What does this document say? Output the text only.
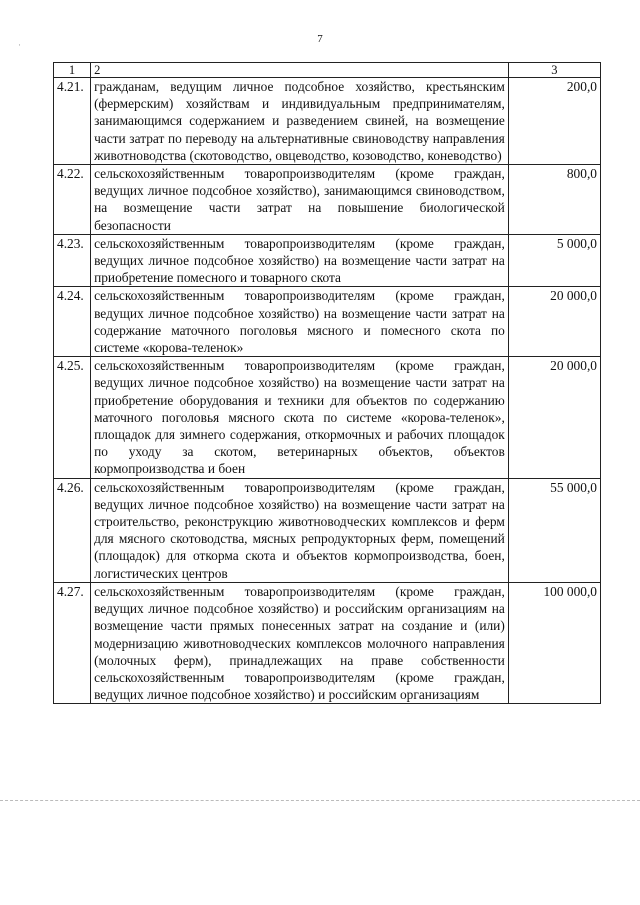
7
·
1	2	3
4.21.	гражданам, ведущим личное подсобное хозяйство, крестьянским (фермерским) хозяйствам и индивидуальным предпринимателям, занимающимся содержанием и разведением свиней, на возмещение части затрат по переводу на альтернативные свиноводству направления животноводства (скотоводство, овцеводство, козоводство, коневодство)	200,0
4.22.	сельскохозяйственным товаропроизводителям (кроме граждан, ведущих личное подсобное хозяйство), занимающимся свиноводством, на возмещение части затрат на повышение биологической безопасности	800,0
4.23.	сельскохозяйственным товаропроизводителям (кроме граждан, ведущих личное подсобное хозяйство) на возмещение части затрат на приобретение помесного и товарного скота	5 000,0
4.24.	сельскохозяйственным товаропроизводителям (кроме граждан, ведущих личное подсобное хозяйство) на возмещение части затрат на содержание маточного поголовья мясного и помесного скота по системе «корова-теленок»	20 000,0
4.25.	сельскохозяйственным товаропроизводителям (кроме граждан, ведущих личное подсобное хозяйство) на возмещение части затрат на приобретение оборудования и техники для объектов по содержанию маточного поголовья мясного скота по системе «корова-теленок», площадок для зимнего содержания, откормочных и рабочих площадок по уходу за скотом, ветеринарных объектов, объектов кормопроизводства и боен	20 000,0
4.26.	сельскохозяйственным товаропроизводителям (кроме граждан, ведущих личное подсобное хозяйство) на возмещение части затрат на строительство, реконструкцию животноводческих комплексов и ферм для мясного скотоводства, мясных репродукторных ферм, помещений (площадок) для откорма скота и объектов кормопроизводства, боен, логистических центров	55 000,0
4.27.	сельскохозяйственным товаропроизводителям (кроме граждан, ведущих личное подсобное хозяйство) и российским организациям на возмещение части прямых понесенных затрат на создание и (или) модернизацию животноводческих комплексов молочного направления (молочных ферм), принадлежащих на праве собственности сельскохозяйственным товаропроизводителям (кроме граждан, ведущих личное подсобное хозяйство) и российским организациям	100 000,0
